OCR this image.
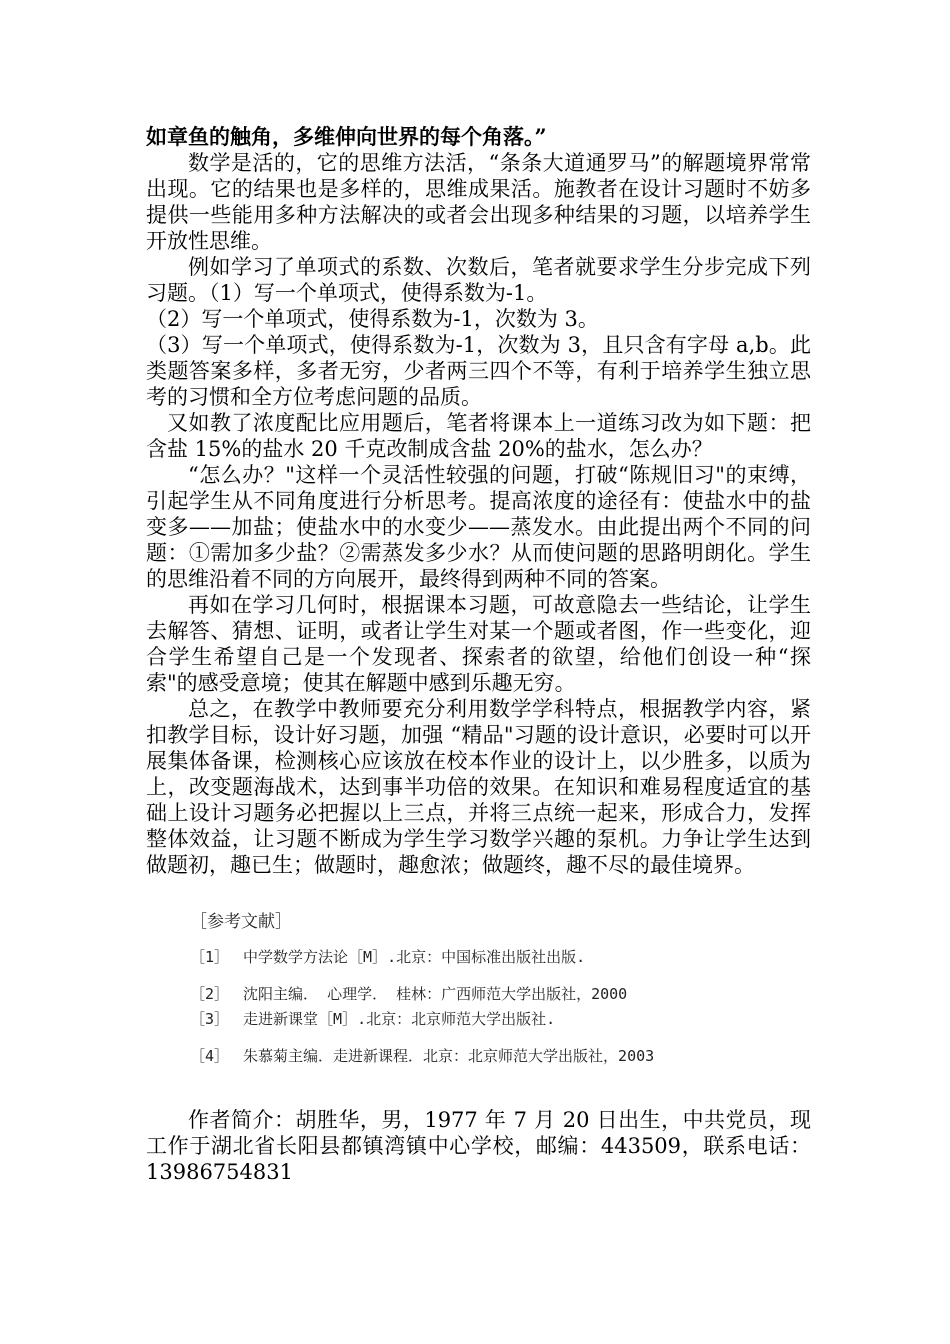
如章鱼的触角，多维伸向世界的每个角落。”

数学是活的，它的思维方法活，“条条大道通罗马”的解题境界常常出现。它的结果也是多样的，思维成果活。施教者在设计习题时不妨多提供一些能用多种方法解决的或者会出现多种结果的习题，以培养学生开放性思维。

例如学习了单项式的系数、次数后，笔者就要求学生分步完成下列习题。（1）写一个单项式，使得系数为-1。

（2）写一个单项式，使得系数为-1，次数为 3。

（3）写一个单项式，使得系数为-1，次数为 3，且只含有字母 a,b。此类题答案多样，多者无穷，少者两三四个不等，有利于培养学生独立思考的习惯和全方位考虑问题的品质。

又如教了浓度配比应用题后，笔者将课本上一道练习改为如下题：把含盐 15%的盐水 20 千克改制成含盐 20%的盐水，怎么办？

“怎么办？"这样一个灵活性较强的问题，打破“陈规旧习"的束缚，引起学生从不同角度进行分析思考。提高浓度的途径有：使盐水中的盐变多——加盐；使盐水中的水变少——蒸发水。由此提出两个不同的问题：①需加多少盐？②需蒸发多少水？从而使问题的思路明朗化。学生的思维沿着不同的方向展开，最终得到两种不同的答案。

再如在学习几何时，根据课本习题，可故意隐去一些结论，让学生去解答、猜想、证明，或者让学生对某一个题或者图，作一些变化，迎合学生希望自己是一个发现者、探索者的欲望，给他们创设一种“探索"的感受意境；使其在解题中感到乐趣无穷。

总之，在教学中教师要充分利用数学学科特点，根据教学内容，紧扣教学目标，设计好习题，加强 “精品"习题的设计意识，必要时可以开展集体备课，检测核心应该放在校本作业的设计上，以少胜多，以质为上，改变题海战术，达到事半功倍的效果。在知识和难易程度适宜的基础上设计习题务必把握以上三点，并将三点统一起来，形成合力，发挥整体效益，让习题不断成为学生学习数学兴趣的泵机。力争让学生达到做题初，趣已生；做题时，趣愈浓；做题终，趣不尽的最佳境界。

［参考文献］
［1］ 中学数学方法论［M］.北京：中国标准出版社出版.
［2］ 沈阳主编． 心理学． 桂林：广西师范大学出版社，2000
［3］ 走进新课堂［M］.北京：北京师范大学出版社.
［4］ 朱慕菊主编．走进新课程．北京：北京师范大学出版社，2003

作者简介：胡胜华，男，1977 年 7 月 20 日出生，中共党员，现工作于湖北省长阳县都镇湾镇中心学校，邮编：443509，联系电话：13986754831
